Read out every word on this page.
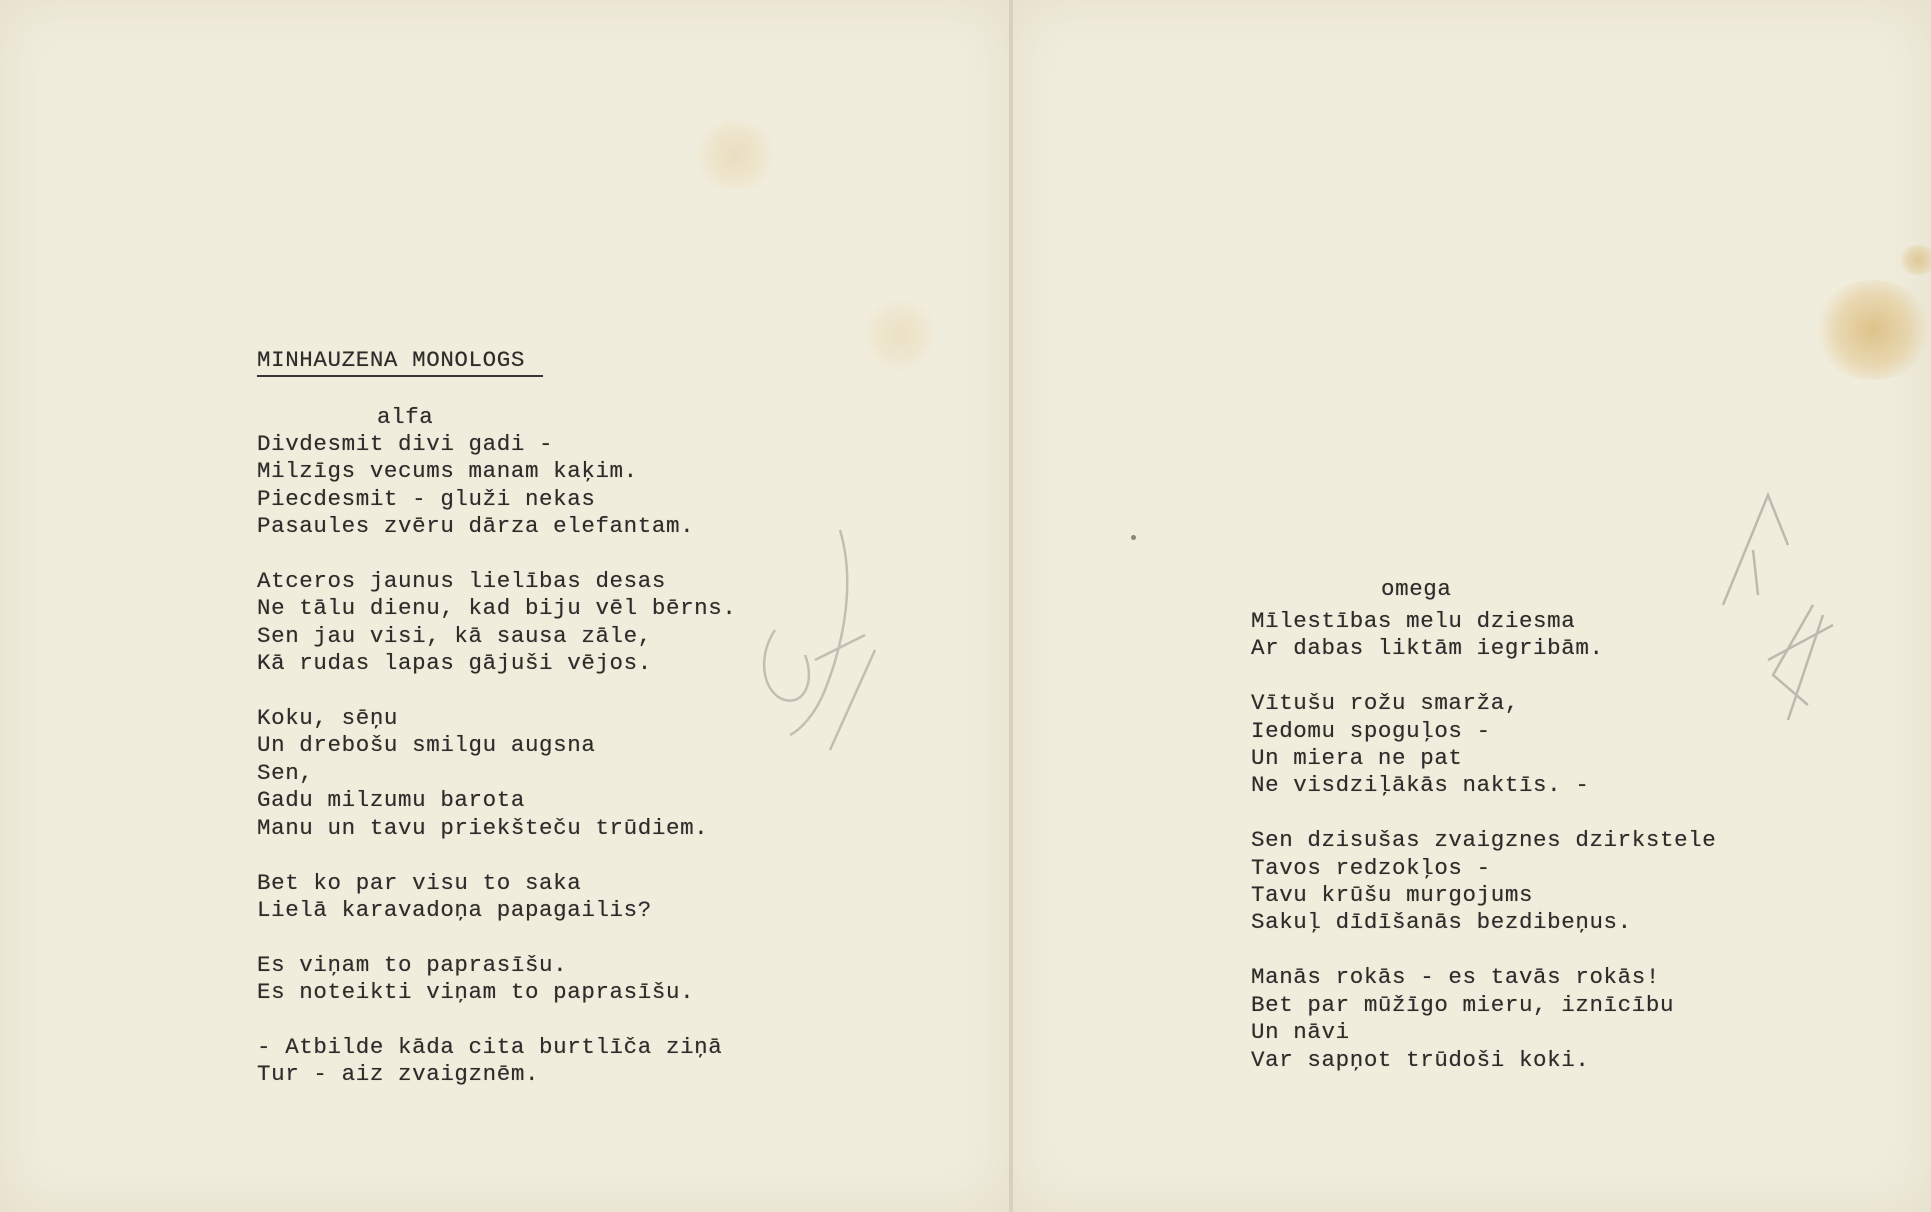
MINHAUZENA MONOLOGS
alfa
Divdesmit divi gadi -
Milzīgs vecums manam kaķim.
Piecdesmit - gluži nekas
Pasaules zvēru dārza elefantam.

Atceros jaunus lielības desas
Ne tālu dienu, kad biju vēl bērns.
Sen jau visi, kā sausa zāle,
Kā rudas lapas gājuši vējos.

Koku, sēņu
Un drebošu smilgu augsna
Sen,
Gadu milzumu barota
Manu un tavu priekšteču trūdiem.

Bet ko par visu to saka
Lielā karavadoņa papagailis?

Es viņam to paprasīšu.
Es noteikti viņam to paprasīšu.

- Atbilde kāda cita burtlīča ziņā
Tur - aiz zvaigznēm.
omega
Mīlestības melu dziesma
Ar dabas liktām iegribām.

Vītušu rožu smarža,
Iedomu spoguļos -
Un miera ne pat
Ne visdziļākās naktīs. -

Sen dzisušas zvaigznes dzirkstele
Tavos redzokļos -
Tavu krūšu murgojums
Sakuļ dīdīšanās bezdibeņus.

Manās rokās - es tavās rokās!
Bet par mūžīgo mieru, iznīcību
Un nāvi
Var sapņot trūdoši koki.
